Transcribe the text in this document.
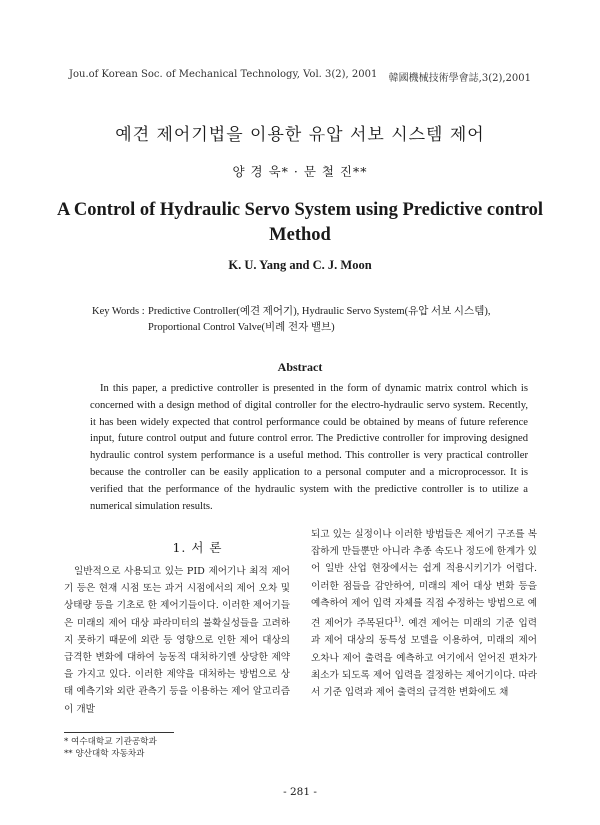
Jou.of Korean Soc. of Mechanical Technology, Vol. 3(2), 2001 韓國機械技術學會誌,3(2),2001
예견 제어기법을 이용한 유압 서보 시스템 제어
양 경 욱* · 문 철 진**
A Control of Hydraulic Servo System using Predictive control Method
K. U. Yang and C. J. Moon
Key Words : Predictive Controller(예견 제어기), Hydraulic Servo System(유압 서보 시스템),
Proportional Control Valve(비례 전자 밸브)
Abstract
In this paper, a predictive controller is presented in the form of dynamic matrix control which is concerned with a design method of digital controller for the electro-hydraulic servo system. Recently, it has been widely expected that control performance could be obtained by means of future reference input, future control output and future control error. The Predictive controller for improving designed hydraulic control system performance is a useful method. This controller is very practical controller because the controller can be easily application to a personal computer and a microprocessor. It is verified that the performance of the hydraulic system with the predictive controller is to utilize a numerical simulation results.
1. 서 론
일반적으로 사용되고 있는 PID 제어기나 최적 제어기 등은 현재 시점 또는 과거 시점에서의 제어 오차 및 상태량 등을 기초로 한 제어기들이다. 이러한 제어기들은 미래의 제어 대상 파라미터의 불확실성들을 고려하지 못하기 때문에 외란 등 영향으로 인한 제어 대상의 급격한 변화에 대하여 능동적 대처하기엔 상당한 제약을 가지고 있다. 이러한 제약을 대처하는 방법으로 상태 예측기와 외란 관측기 등을 이용하는 제어 알고리즘이 개발
되고 있는 실정이나 이러한 방법들은 제어기 구조를 복잡하게 만들뿐만 아니라 추종 속도나 정도에 한계가 있어 일반 산업 현장에서는 쉽게 적용시키기가 어렵다. 이러한 점들을 감안하여, 미래의 제어 대상 변화 등을 예측하여 제어 입력 자체를 직접 수정하는 방법으로 예견 제어가 주목된다$^{1)}$. 예견 제어는 미래의 기준 입력과 제어 대상의 동특성 모델을 이용하여, 미래의 제어 오차나 제어 출력을 예측하고 여기에서 얻어진 편차가 최소가 되도록 제어 입력을 결정하는 제어기이다. 따라서 기준 입력과 제어 출력의 급격한 변화에도 채
* 여수대학교 기관공학과
** 양산대학 자동차과
- 281 -
